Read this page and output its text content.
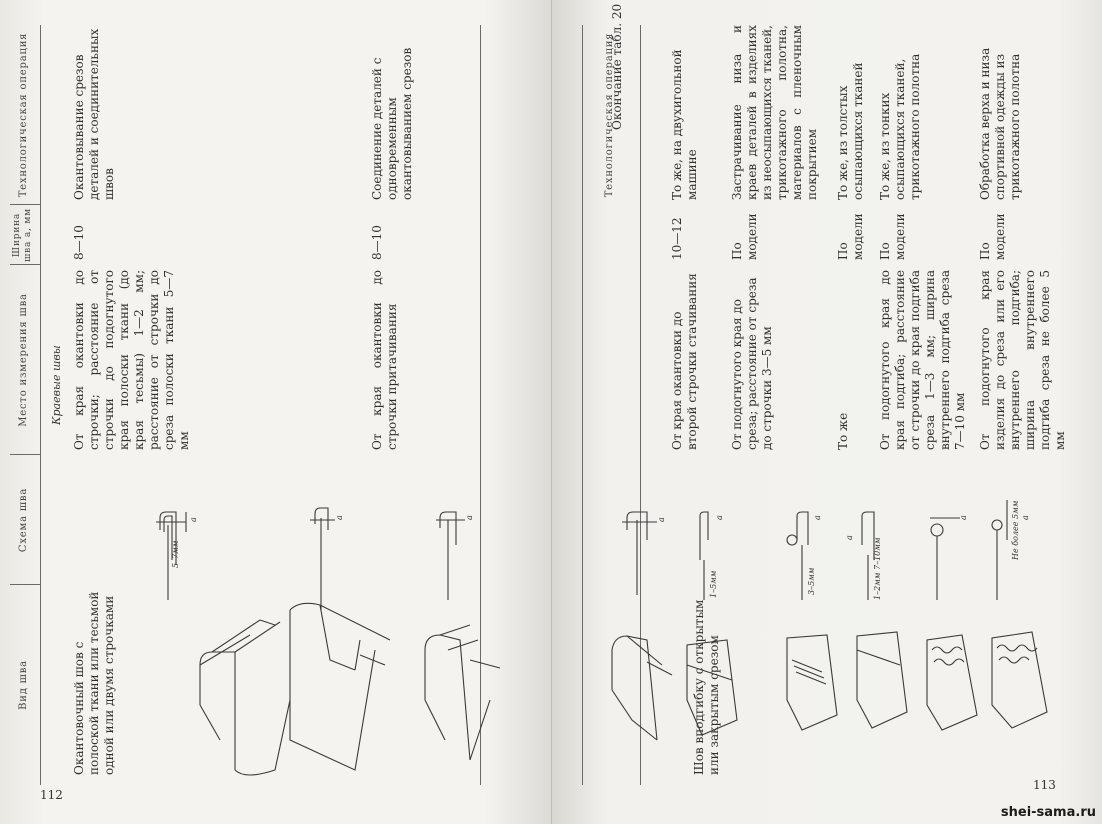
112
Вид шва
Схема шва
Место измерения шва
Ширина шва а, мм
Технологическая операция
Краевые швы
Окантовочный шов с полоской ткани или тесьмой одной или двумя строчками
От края окантовки до строчки; расстояние от строчки до подогнутого края полоски ткани (до края тесьмы) 1—2 мм; расстояние от строчки до среза полоски ткани 5—7 мм
8—10
Окантовывание срезов деталей и соединительных швов
От края окантовки до строчки притачивания
8—10
Соединение деталей с одновременным окантовыванием срезов
a
5–7мм
a	a
113
Окончание табл. 20
Технологическая операция
От края окантовки до второй строчки стачивания
10—12
То же, на двухигольной машине
Шов вподгибку с открытым или закрытым срезом
От подогнутого края до среза; расстояние от среза до строчки 3—5 мм
По модели
Застрачивание низа и краев деталей в изделиях из неосыпающихся тканей, трикотажного полотна, материалов с пленочным покрытием
То же
По модели
То же, из толстых осыпающихся тканей
От подогнутого края до края подгиба; расстояние от строчки до края подгиба среза 1—3 мм; ширина внутреннего подгиба среза 7—10 мм
По модели
То же, из тонких осыпающихся тканей, трикотажного полотна
От подогнутого края изделия до среза или его внутреннего подгиба; ширина внутреннего подгиба среза не более 5 мм
По модели
Обработка верха и низа спортивной одежды из трикотажного полотна
a
1–5мм
a
3–5мм
a
1–2мм 7–10мм
a
a	Не более 5мм a
shei-sama.ru
